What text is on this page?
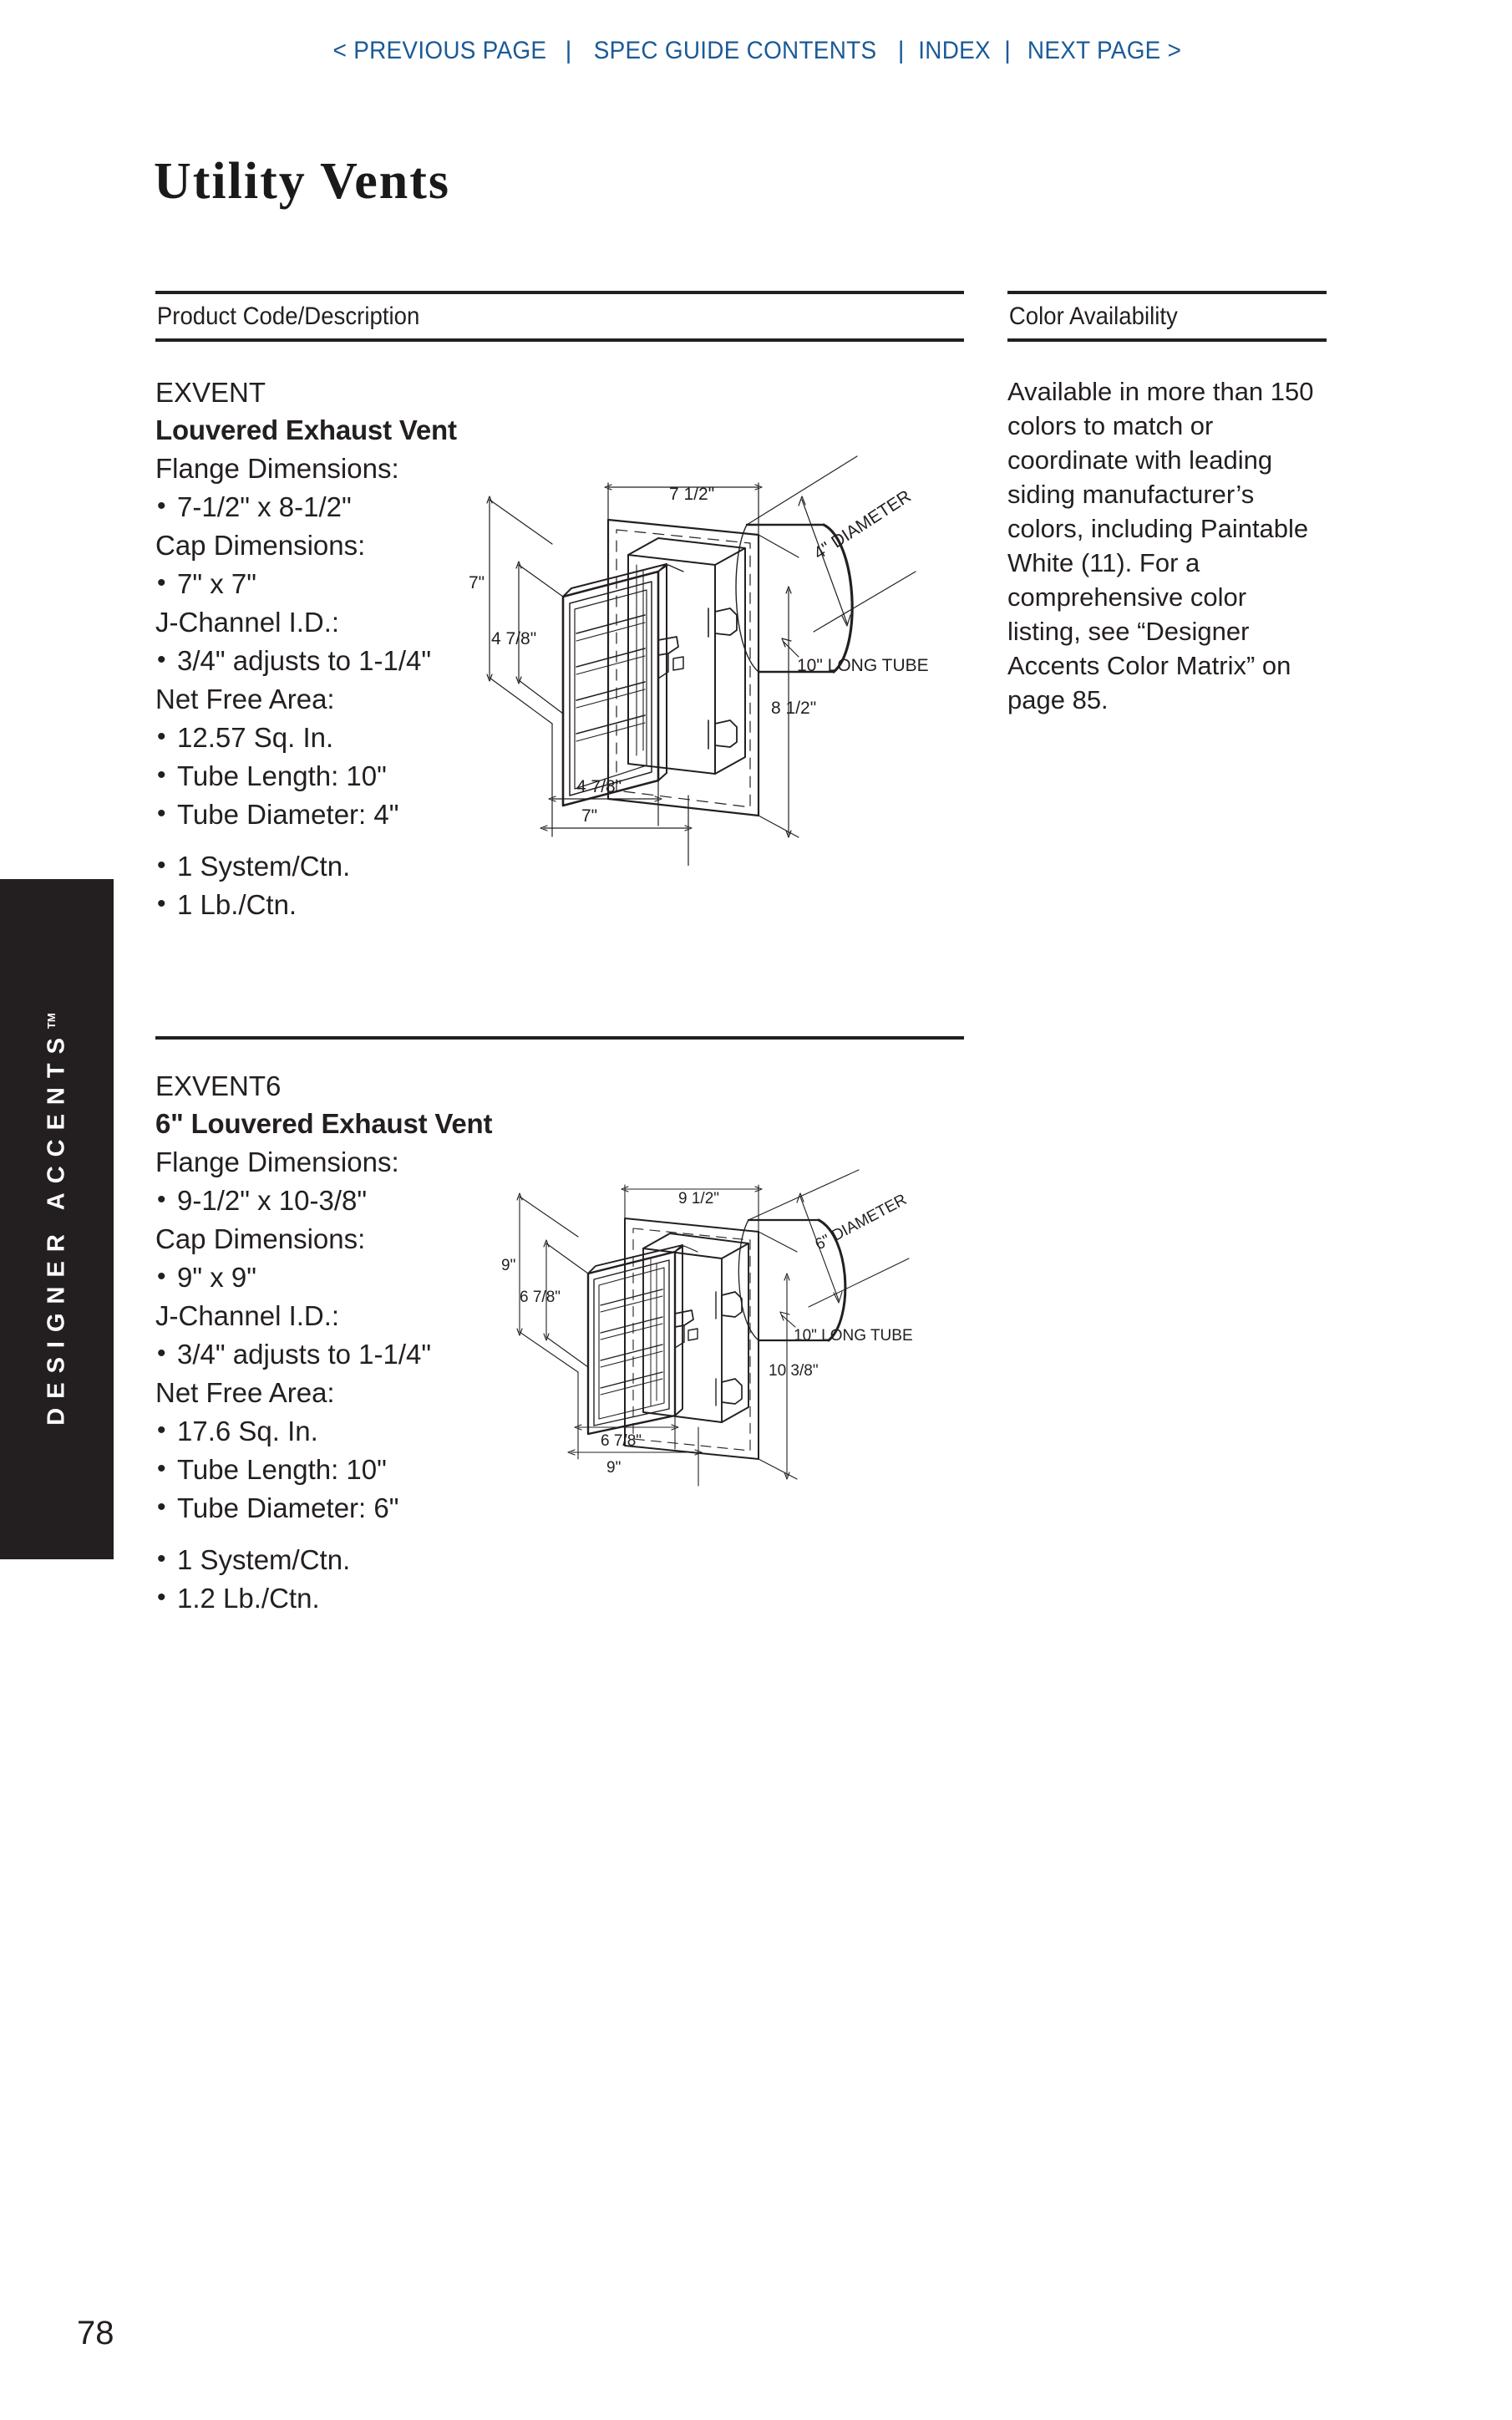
< PREVIOUS PAGE | SPEC GUIDE CONTENTS | INDEX | NEXT PAGE >
DESIGNER ACCENTS™
Utility Vents
Product Code/Description	Color Availability
EXVENT
Louvered Exhaust Vent
Flange Dimensions:
• 7-1/2" x 8-1/2"
Cap Dimensions:
• 7" x 7"
J-Channel I.D.:
• 3/4" adjusts to 1-1/4"
Net Free Area:
• 12.57 Sq. In.
• Tube Length: 10"
• Tube Diameter: 4"
• 1 System/Ctn.
• 1 Lb./Ctn.
7 1/2"
7"
4 7/8"
4 7/8"
7"
8 1/2"
10" LONG TUBE
4" DIAMETER
EXVENT6
6" Louvered Exhaust Vent
Flange Dimensions:
• 9-1/2" x 10-3/8"
Cap Dimensions:
• 9" x 9"
J-Channel I.D.:
• 3/4" adjusts to 1-1/4"
Net Free Area:
• 17.6 Sq. In.
• Tube Length: 10"
• Tube Diameter: 6"
• 1 System/Ctn.
• 1.2 Lb./Ctn.
9 1/2"
9"
6 7/8"
6 7/8"
9"
10 3/8"
10" LONG TUBE
6" DIAMETER
Available in more than 150 colors to match or coordinate with leading siding manufacturer’s colors, including Paintable White (11). For a comprehensive color listing, see “Designer Accents Color Matrix” on page 85.
78
